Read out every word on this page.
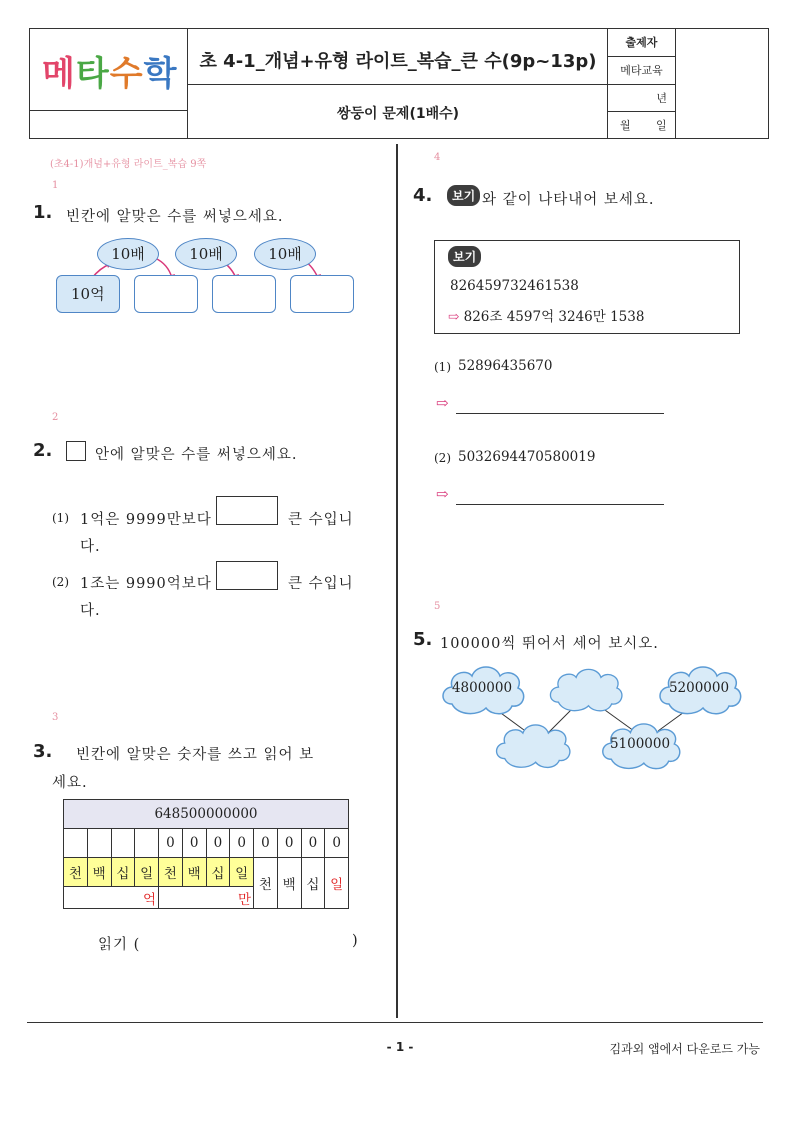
메타수학	초 4-1_개념+유형 라이트_복습_큰 수(9p~13p)
쌍둥이 문제(1배수)
출제자
메타교육
년
월 일
(초4-1)개념+유형 라이트_복습 9쪽
1
1. 빈칸에 알맞은 수를 써넣으세요.
10배	10배	10배
10억
2
2.	안에 알맞은 수를 써넣으세요.
(1) 1억은 9999만보다	큰 수입니
다.
(2) 1조는 9990억보다	큰 수입니
다.
3
3. 빈칸에 알맞은 숫자를 쓰고 읽어 보
세요.
648500000000											
				0	0	0	0	0	0	0	0
천	백	십	일	천	백	십	일	천	백	십	일
억				만							
읽기 (	)
4
4.	보기 와 같이 나타내어 보세요.
보기
826459732461538
⇨ 826조 4597억 3246만 1538
(1) 52896435670
⇨
(2) 5032694470580019
⇨
5
5. 100000씩 뛰어서 세어 보시오.
4800000	5200000
5100000
- 1 -	김과외 앱에서 다운로드 가능
